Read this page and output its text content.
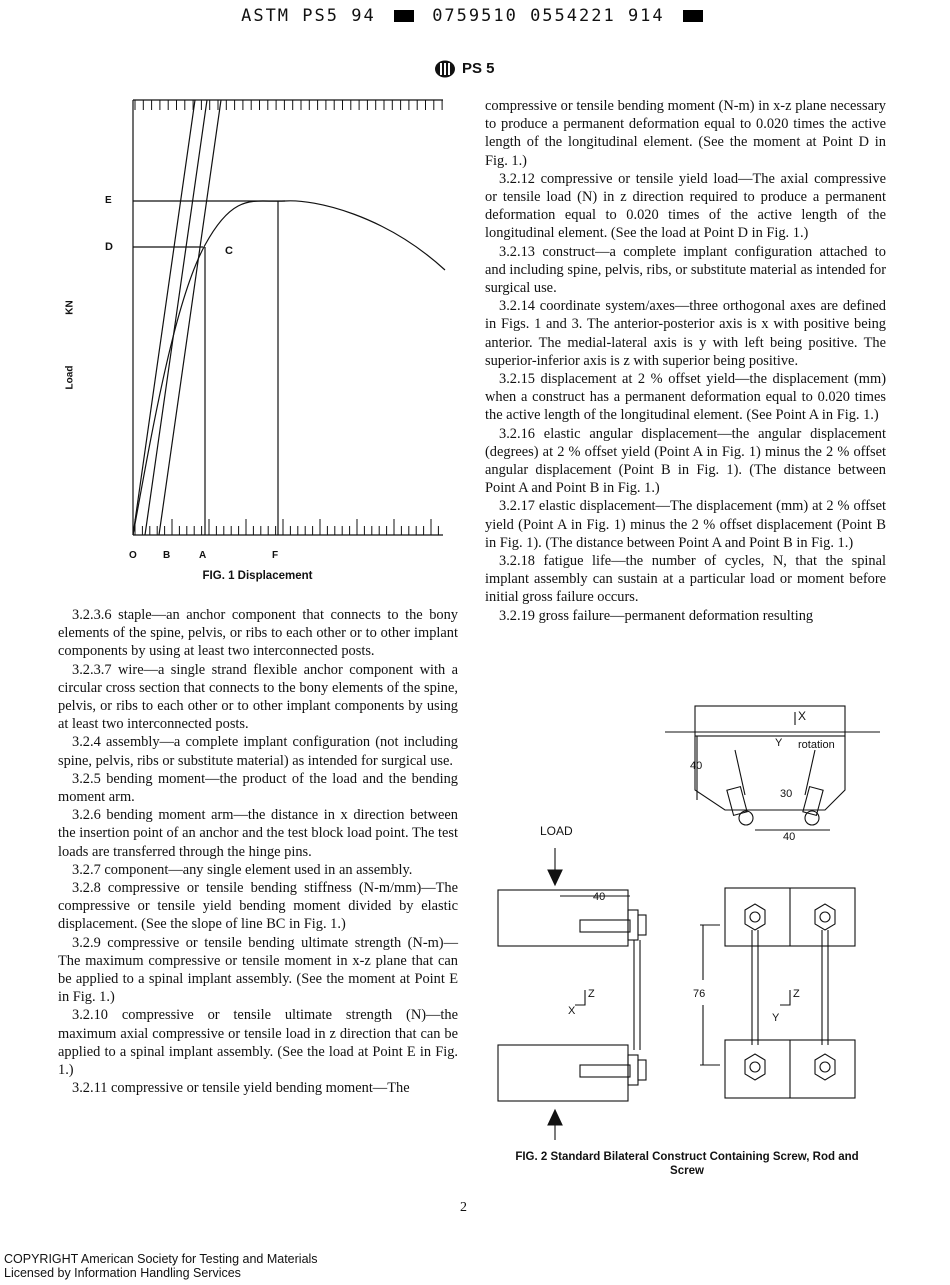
ASTM PS5 94	0759510 0554221 914
PS 5
E
D	C
KN
Load
O	B	A	F
FIG. 1 Displacement

3.2.3.6 staple—an anchor component that connects to the bony elements of the spine, pelvis, or ribs to each other or to other implant components by using at least two interconnected posts.

3.2.3.7 wire—a single strand flexible anchor component with a circular cross section that connects to the bony elements of the spine, pelvis, or ribs to each other or to other implant components by using at least two interconnected posts.

3.2.4 assembly—a complete implant configuration (not including spine, pelvis, ribs or substitute material) as intended for surgical use.

3.2.5 bending moment—the product of the load and the bending moment arm.

3.2.6 bending moment arm—the distance in x direction between the insertion point of an anchor and the test block load point. The test loads are transferred through the hinge pins.

3.2.7 component—any single element used in an assembly.

3.2.8 compressive or tensile bending stiffness (N-m/mm)—The compressive or tensile yield bending moment divided by elastic displacement. (See the slope of line BC in Fig. 1.)

3.2.9 compressive or tensile bending ultimate strength (N-m)—The maximum compressive or tensile moment in x-z plane that can be applied to a spinal implant assembly. (See the moment at Point E in Fig. 1.)

3.2.10 compressive or tensile ultimate strength (N)—the maximum axial compressive or tensile load in z direction that can be applied to a spinal implant assembly. (See the load at Point E in Fig. 1.)

3.2.11 compressive or tensile yield bending moment—The

compressive or tensile bending moment (N-m) in x-z plane necessary to produce a permanent deformation equal to 0.020 times the active length of the longitudinal element. (See the moment at Point D in Fig. 1.)

3.2.12 compressive or tensile yield load—The axial compressive or tensile load (N) in z direction required to produce a permanent deformation equal to 0.020 times of the active length of the longitudinal element. (See the load at Point D in Fig. 1.)

3.2.13 construct—a complete implant configuration attached to and including spine, pelvis, ribs, or substitute material as intended for surgical use.

3.2.14 coordinate system/axes—three orthogonal axes are defined in Figs. 1 and 3. The anterior-posterior axis is x with positive being anterior. The medial-lateral axis is y with left being positive. The superior-inferior axis is z with superior being positive.

3.2.15 displacement at 2 % offset yield—the displacement (mm) when a construct has a permanent deformation equal to 0.020 times the active length of the longitudinal element. (See Point A in Fig. 1.)

3.2.16 elastic angular displacement—the angular displacement (degrees) at 2 % offset yield (Point A in Fig. 1) minus the 2 % offset angular displacement (Point B in Fig. 1). (The distance between Point A and Point B in Fig. 1.)

3.2.17 elastic displacement—The displacement (mm) at 2 % offset yield (Point A in Fig. 1) minus the 2 % offset displacement (Point B in Fig. 1). (The distance between Point A and Point B in Fig. 1.)

3.2.18 fatigue life—the number of cycles, N, that the spinal implant assembly can sustain at a particular load or moment before initial gross failure occurs.

3.2.19 gross failure—permanent deformation resulting

LOAD
X
Y rotation
40
30
40
40
Z
X
76	Z
Y
FIG. 2 Standard Bilateral Construct Containing Screw, Rod and
Screw
2
COPYRIGHT American Society for Testing and Materials
Licensed by Information Handling Services
